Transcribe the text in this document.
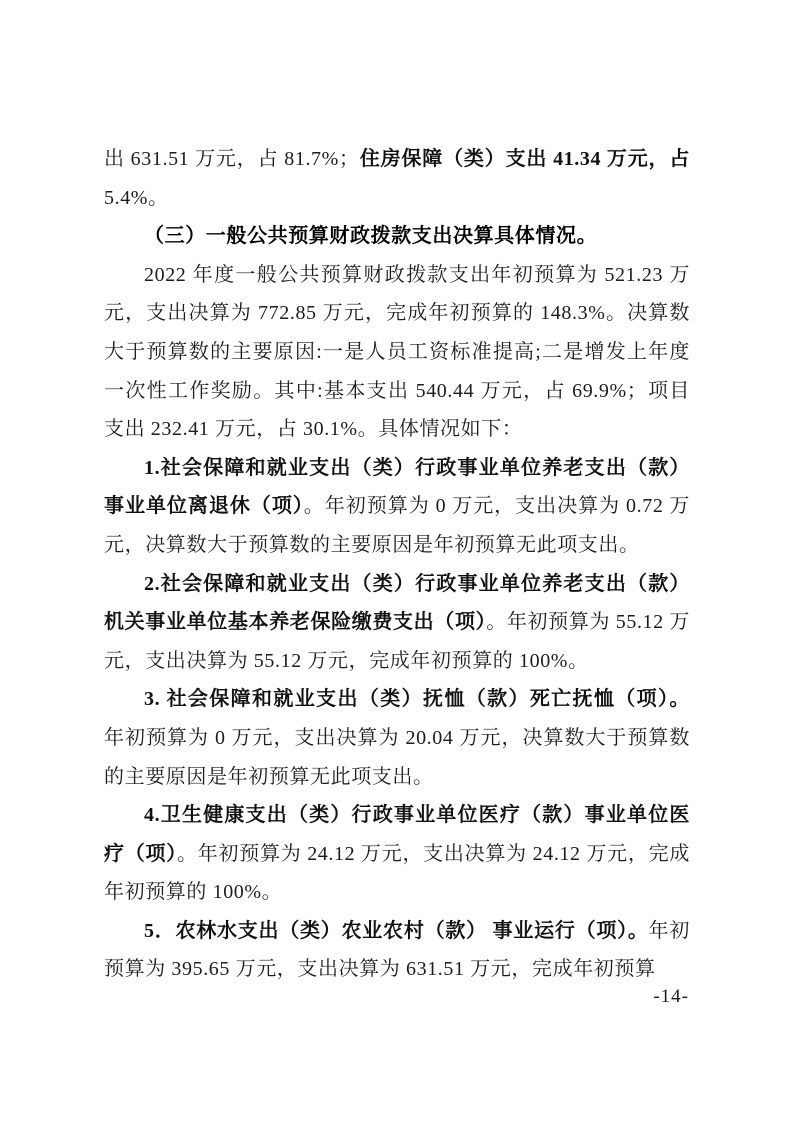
出 631.51 万元，占 81.7%；住房保障（类）支出 41.34 万元，占 5.4%。

（三）一般公共预算财政拨款支出决算具体情况。

2022 年度一般公共预算财政拨款支出年初预算为 521.23 万元，支出决算为 772.85 万元，完成年初预算的 148.3%。决算数大于预算数的主要原因:一是人员工资标准提高;二是增发上年度一次性工作奖励。其中:基本支出 540.44 万元，占 69.9%；项目支出 232.41 万元，占 30.1%。具体情况如下：

1.社会保障和就业支出（类）行政事业单位养老支出（款）事业单位离退休（项）。年初预算为 0 万元，支出决算为 0.72 万元，决算数大于预算数的主要原因是年初预算无此项支出。

2.社会保障和就业支出（类）行政事业单位养老支出（款）机关事业单位基本养老保险缴费支出（项）。年初预算为 55.12 万元，支出决算为 55.12 万元，完成年初预算的 100%。

3. 社会保障和就业支出（类）抚恤（款）死亡抚恤（项）。年初预算为 0 万元，支出决算为 20.04 万元，决算数大于预算数的主要原因是年初预算无此项支出。

4.卫生健康支出（类）行政事业单位医疗（款）事业单位医疗（项）。年初预算为 24.12 万元，支出决算为 24.12 万元，完成年初预算的 100%。

5．农林水支出（类）农业农村（款） 事业运行（项）。年初预算为 395.65 万元，支出决算为 631.51 万元，完成年初预算

-14-
